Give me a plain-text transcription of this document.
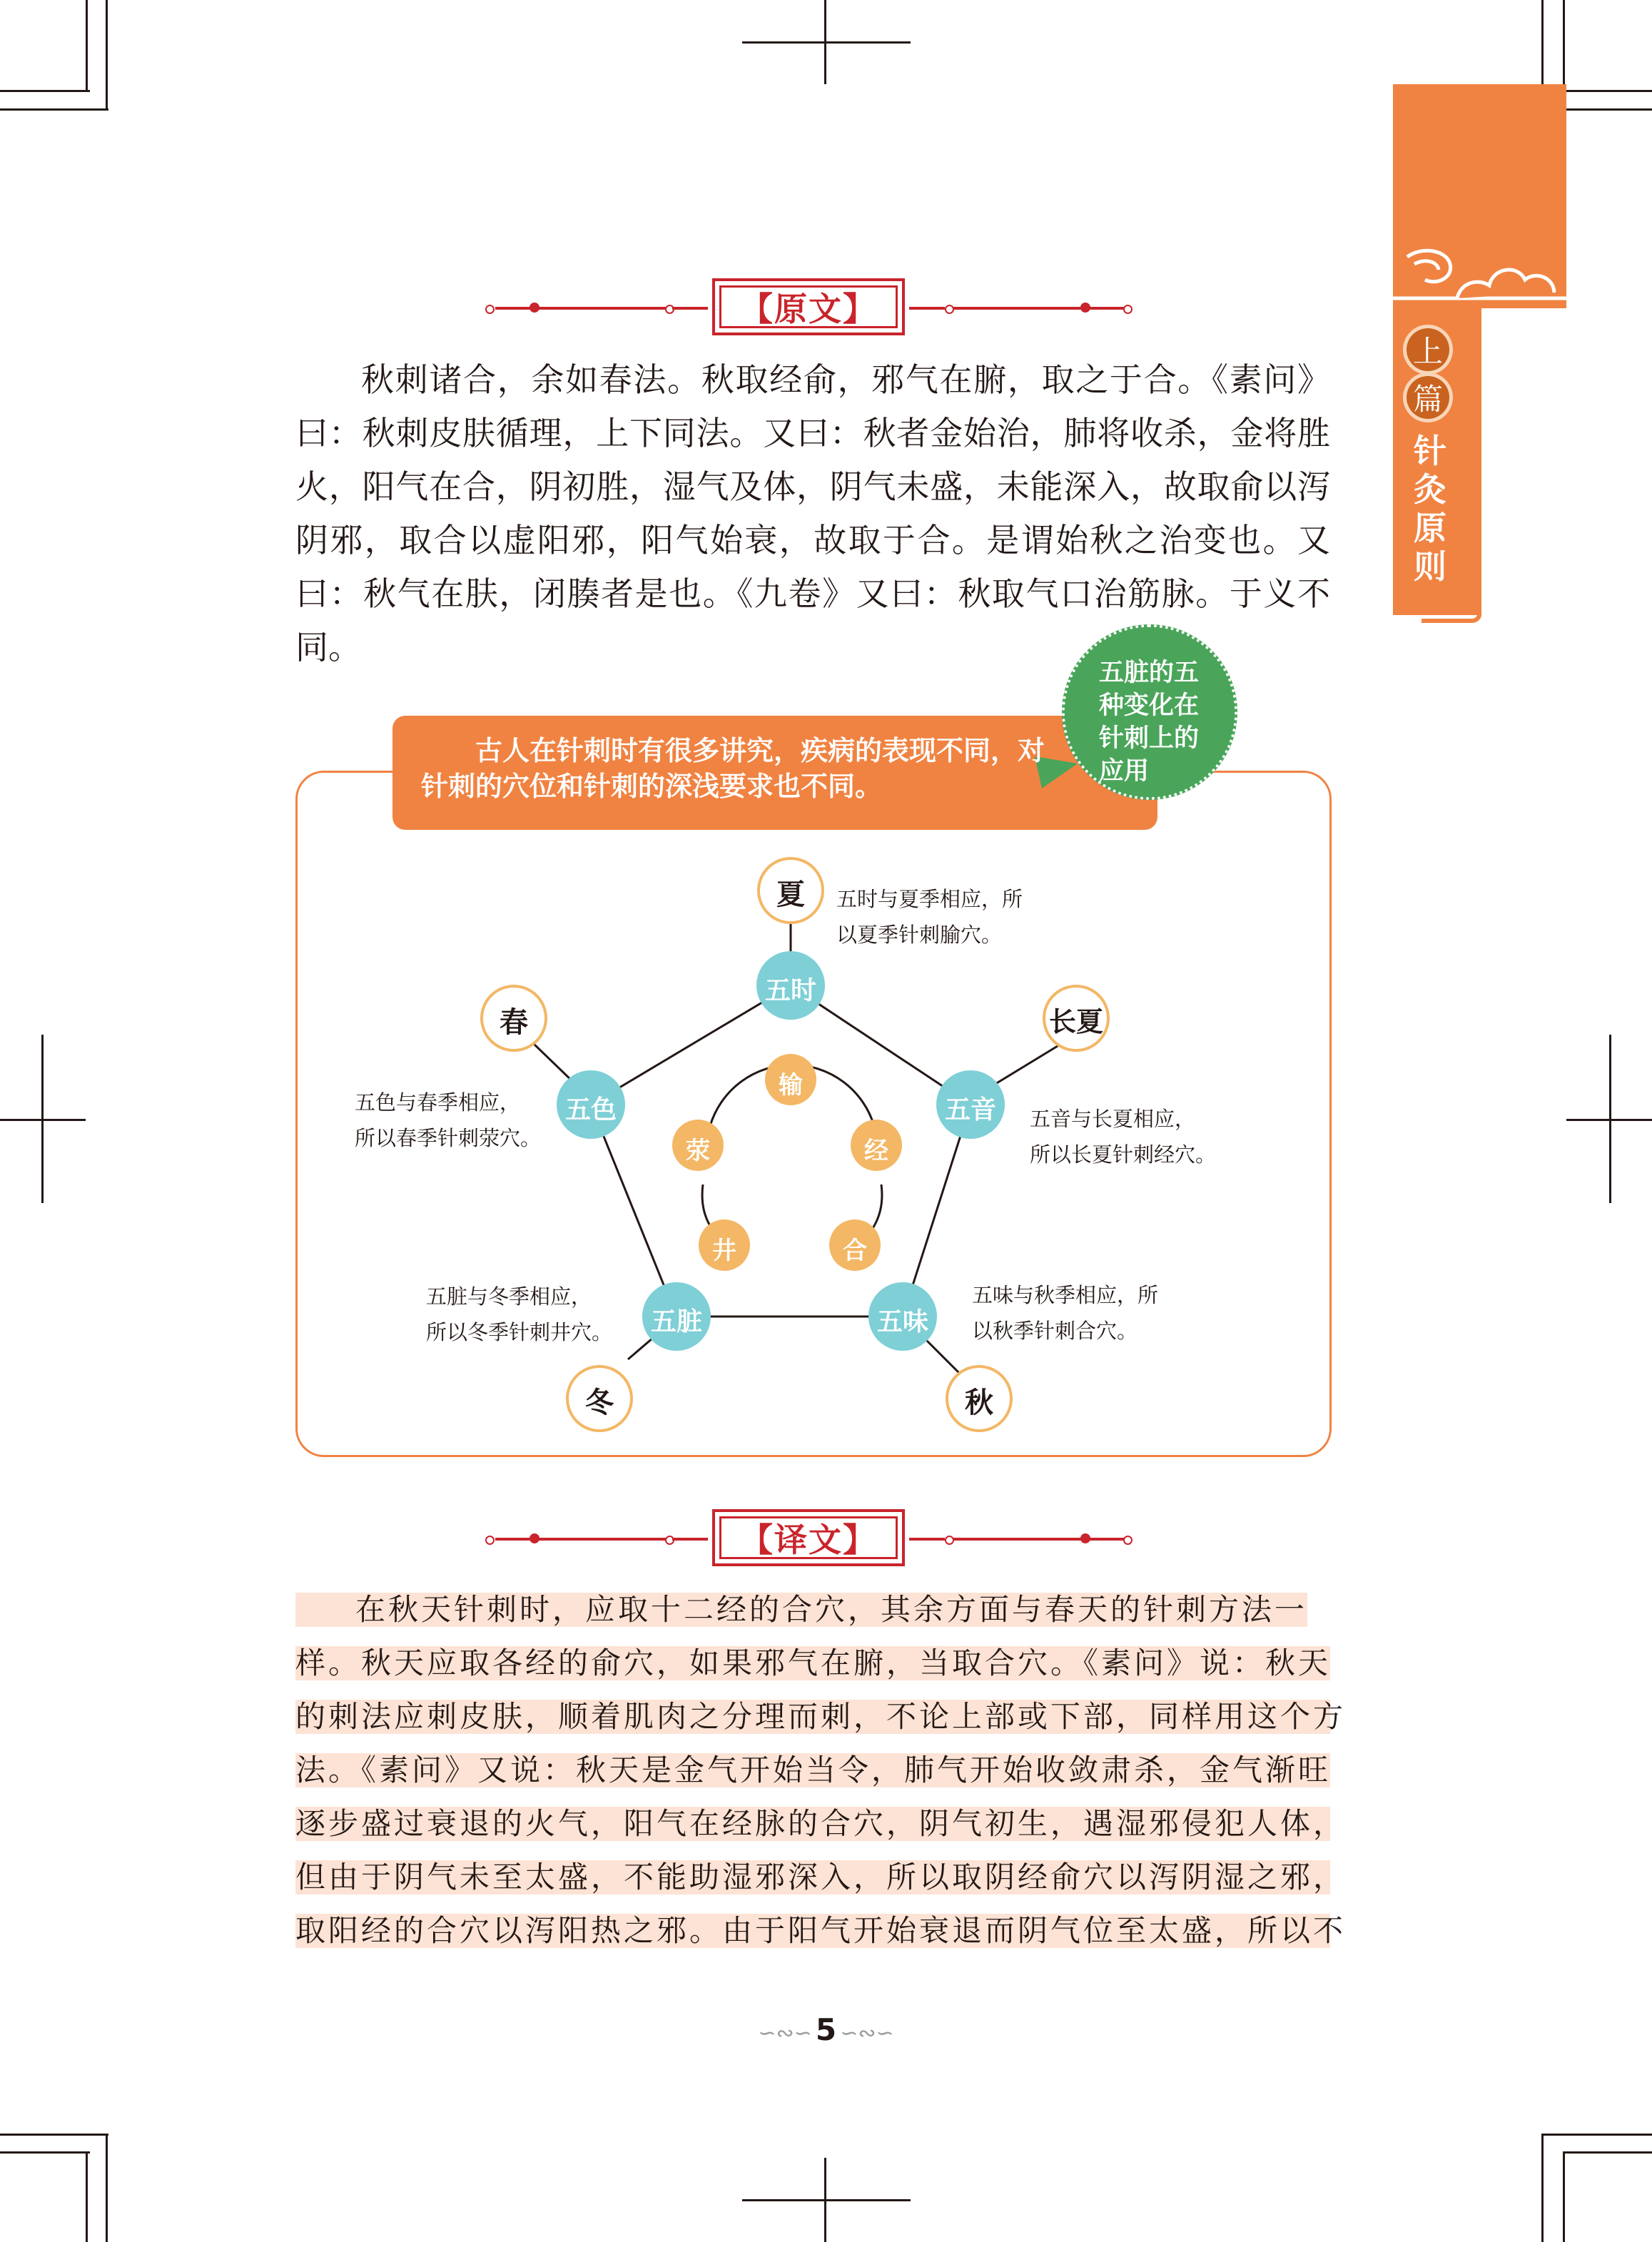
上
篇
针灸原则
【原文】

秋刺诸合，余如春法。秋取经俞，邪气在腑，取之于合。《素问》曰：秋刺皮肤循理，上下同法。又曰：秋者金始治，肺将收杀，金将胜火，阳气在合，阴初胜，湿气及体，阴气未盛，未能深入，故取俞以泻阴邪，取合以虚阳邪，阳气始衰，故取于合。是谓始秋之治变也。又曰：秋气在肤，闭腠者是也。《九卷》又曰：秋取气口治筋脉。于义不同。

古人在针刺时有很多讲究，疾病的表现不同，对针刺的穴位和针刺的深浅要求也不同。
五脏的五种变化在针刺上的应用
夏
春	长夏
冬	秋
五时
五色	五音
五脏	五味
输
荥	经
井	合
五时与夏季相应，所
以夏季针刺腧穴。
五色与春季相应，
所以春季针刺荥穴。
五音与长夏相应，
所以长夏针刺经穴。
五脏与冬季相应，
所以冬季针刺井穴。
五味与秋季相应，所
以秋季针刺合穴。
【译文】
在秋天针刺时，应取十二经的合穴，其余方面与春天的针刺方法一
样。秋天应取各经的俞穴，如果邪气在腑，当取合穴。《素问》说：秋天
的刺法应刺皮肤，顺着肌肉之分理而刺，不论上部或下部，同样用这个方
法。《素问》又说：秋天是金气开始当令，肺气开始收敛肃杀，金气渐旺
逐步盛过衰退的火气，阳气在经脉的合穴，阴气初生，遇湿邪侵犯人体，
但由于阴气未至太盛，不能助湿邪深入，所以取阴经俞穴以泻阴湿之邪，
取阳经的合穴以泻阳热之邪。由于阳气开始衰退而阴气位至太盛，所以不
∽∾∽ 5 ∽∾∽
